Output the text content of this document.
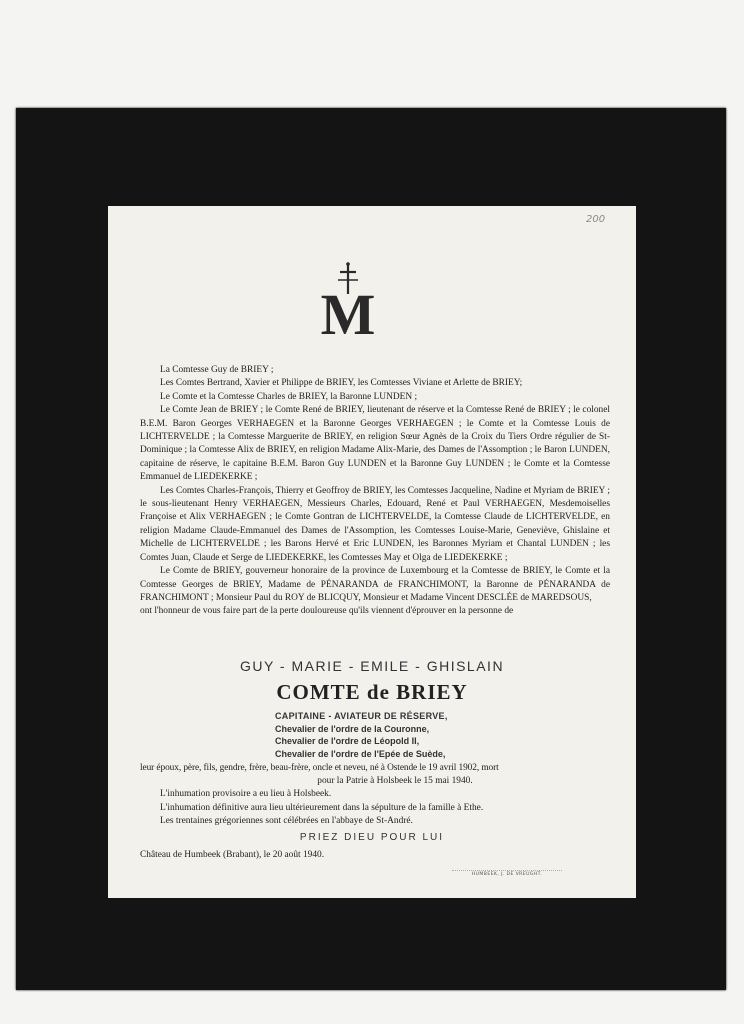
200
M

La Comtesse Guy de BRIEY ;

Les Comtes Bertrand, Xavier et Philippe de BRIEY, les Comtesses Viviane et Arlette de BRIEY;

Le Comte et la Comtesse Charles de BRIEY, la Baronne LUNDEN ;

Le Comte Jean de BRIEY ; le Comte René de BRIEY, lieutenant de réserve et la Comtesse René de BRIEY ; le colonel B.E.M. Baron Georges VERHAEGEN et la Baronne Georges VERHAEGEN ; le Comte et la Comtesse Louis de LICHTERVELDE ; la Comtesse Marguerite de BRIEY, en religion Sœur Agnès de la Croix du Tiers Ordre régulier de St-Dominique ; la Comtesse Alix de BRIEY, en religion Madame Alix-Marie, des Dames de l'Assomption ; le Baron LUNDEN, capitaine de réserve, le capitaine B.E.M. Baron Guy LUNDEN et la Baronne Guy LUNDEN ; le Comte et la Comtesse Emmanuel de LIEDEKERKE ;

Les Comtes Charles-François, Thierry et Geoffroy de BRIEY, les Comtesses Jacqueline, Nadine et Myriam de BRIEY ; le sous-lieutenant Henry VERHAEGEN, Messieurs Charles, Edouard, René et Paul VERHAEGEN, Mesdemoiselles Françoise et Alix VERHAEGEN ; le Comte Gontran de LICHTERVELDE, la Comtesse Claude de LICHTERVELDE, en religion Madame Claude-Emmanuel des Dames de l'Assomption, les Comtesses Louise-Marie, Geneviève, Ghislaine et Michelle de LICHTERVELDE ; les Barons Hervé et Eric LUNDEN, les Baronnes Myriam et Chantal LUNDEN ; les Comtes Juan, Claude et Serge de LIEDEKERKE, les Comtesses May et Olga de LIEDEKERKE ;

Le Comte de BRIEY, gouverneur honoraire de la province de Luxembourg et la Comtesse de BRIEY, le Comte et la Comtesse Georges de BRIEY, Madame de PÉNARANDA de FRANCHIMONT, la Baronne de PÉNARANDA de FRANCHIMONT ; Monsieur Paul du ROY de BLICQUY, Monsieur et Madame Vincent DESCLÉE de MAREDSOUS,

ont l'honneur de vous faire part de la perte douloureuse qu'ils viennent d'éprouver en la personne de

GUY - MARIE - EMILE - GHISLAIN
COMTE de BRIEY
CAPITAINE - AVIATEUR DE RÉSERVE,
Chevalier de l'ordre de la Couronne,
Chevalier de l'ordre de Léopold II,
Chevalier de l'ordre de l'Epée de Suède,

leur époux, père, fils, gendre, frère, beau-frère, oncle et neveu, né à Ostende le 19 avril 1902, mort

pour la Patrie à Holsbeek le 15 mai 1940.

L'inhumation provisoire a eu lieu à Holsbeek.

L'inhumation définitive aura lieu ultérieurement dans la sépulture de la famille à Ethe.

Les trentaines grégoriennes sont célébrées en l'abbaye de St-André.

PRIEZ DIEU POUR LUI
Château de Humbeek (Brabant), le 20 août 1940.
HUMBEEK, J. DE VREUGHT.
